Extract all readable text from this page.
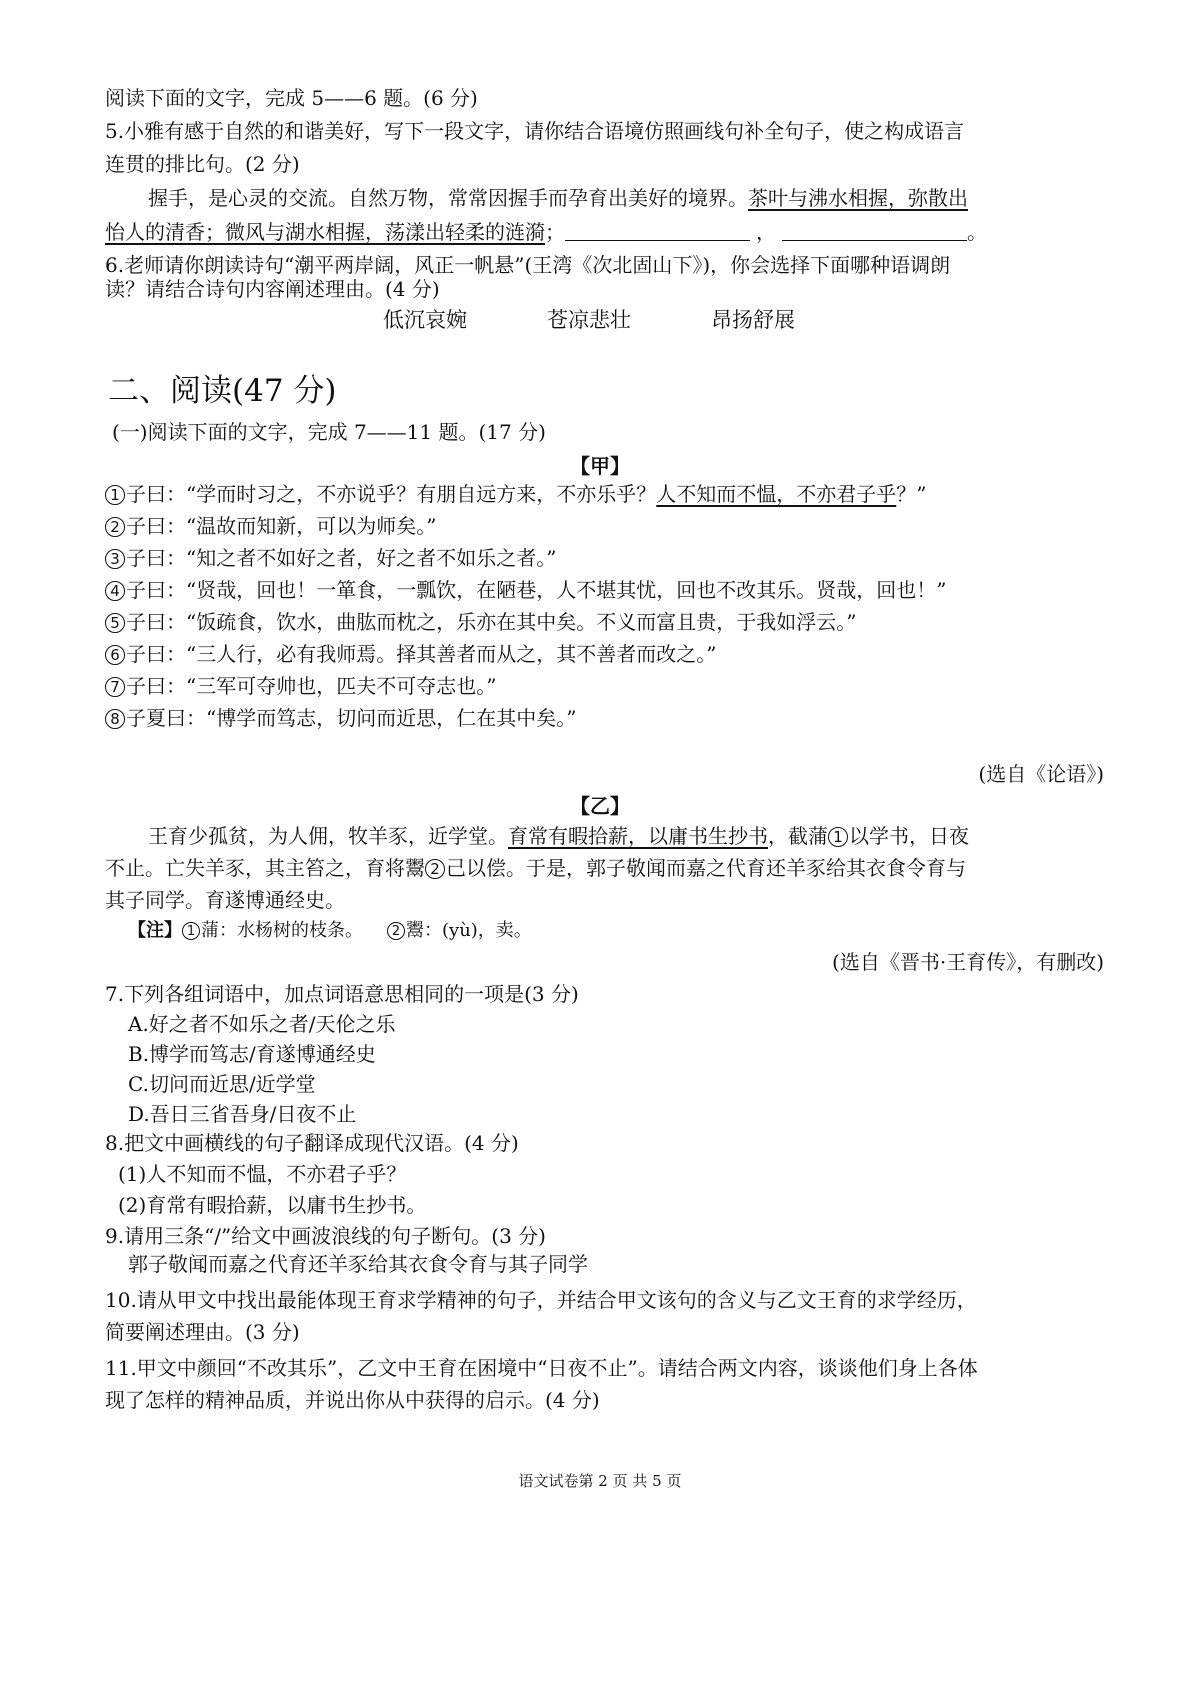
阅读下面的文字，完成 5——6 题。(6 分)
5.小雅有感于自然的和谐美好，写下一段文字，请你结合语境仿照画线句补全句子，使之构成语言
连贯的排比句。(2 分)
握手，是心灵的交流。自然万物，常常因握手而孕育出美好的境界。茶叶与沸水相握，弥散出
怡人的清香；微风与湖水相握，荡漾出轻柔的涟漪；	，	。
6.老师请你朗读诗句“潮平两岸阔，风正一帆悬”(王湾《次北固山下》)，你会选择下面哪种语调朗
读？请结合诗句内容阐述理由。(4 分)
低沉哀婉	苍凉悲壮	昂扬舒展
二、阅读(47 分)
(一)阅读下面的文字，完成 7——11 题。(17 分)
【甲】
1 子曰：“学而时习之，不亦说乎？有朋自远方来，不亦乐乎？人不知而不愠，不亦君子乎？”
2 子曰：“温故而知新，可以为师矣。”
3 子曰：“知之者不如好之者，好之者不如乐之者。”
4 子曰：“贤哉，回也！一箪食，一瓢饮，在陋巷，人不堪其忧，回也不改其乐。贤哉，回也！”
5 子曰：“饭疏食，饮水，曲肱而枕之，乐亦在其中矣。不义而富且贵，于我如浮云。”
6 子曰：“三人行，必有我师焉。择其善者而从之，其不善者而改之。”
7 子曰：“三军可夺帅也，匹夫不可夺志也。”
8 子夏曰：“博学而笃志，切问而近思，仁在其中矣。”
(选自《论语》)
【乙】
王育少孤贫，为人佣，牧羊豕，近学堂。育常有暇拾薪，以庸书生抄书，截蒲 1 以学书，日夜
不止。亡失羊豕，其主笞之，育将鬻 2 己以偿。于是，郭子敬闻而嘉之代育还羊豕给其衣食令育与
其子同学。育遂博通经史。
【注】 1 蒲：水杨树的枝条。 2 鬻：(yù)，卖。
(选自《晋书·王育传》，有删改)
7.下列各组词语中，加点词语意思相同的一项是(3 分)
A.好之者不如乐之者/天伦之乐
B.博学而笃志/育遂博通经史
C.切问而近思/近学堂
D.吾日三省吾身/日夜不止
8.把文中画横线的句子翻译成现代汉语。(4 分)
(1)人不知而不愠，不亦君子乎？
(2)育常有暇拾薪，以庸书生抄书。
9.请用三条“/”给文中画波浪线的句子断句。(3 分)
郭子敬闻而嘉之代育还羊豕给其衣食令育与其子同学
10.请从甲文中找出最能体现王育求学精神的句子，并结合甲文该句的含义与乙文王育的求学经历，
简要阐述理由。(3 分)
11.甲文中颜回“不改其乐”，乙文中王育在困境中“日夜不止”。请结合两文内容，谈谈他们身上各体
现了怎样的精神品质，并说出你从中获得的启示。(4 分)
语文试卷第 2 页 共 5 页
